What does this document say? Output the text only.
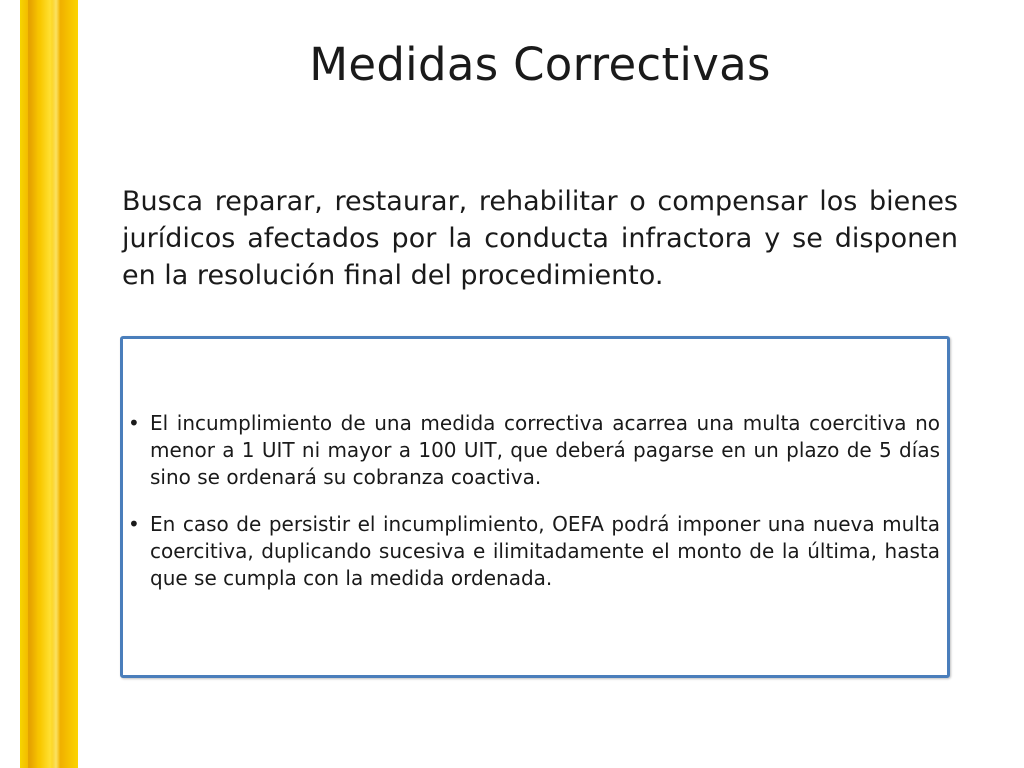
Medidas Correctivas
Busca reparar, restaurar, rehabilitar o compensar los bienes jurídicos afectados por la conducta infractora y se disponen en la resolución final del procedimiento.
• El incumplimiento de una medida correctiva acarrea una multa coercitiva no menor a 1 UIT ni mayor a 100 UIT, que deberá pagarse en un plazo de 5 días sino se ordenará su cobranza coactiva.
• En caso de persistir el incumplimiento, OEFA podrá imponer una nueva multa coercitiva, duplicando sucesiva e ilimitadamente el monto de la última, hasta que se cumpla con la medida ordenada.
